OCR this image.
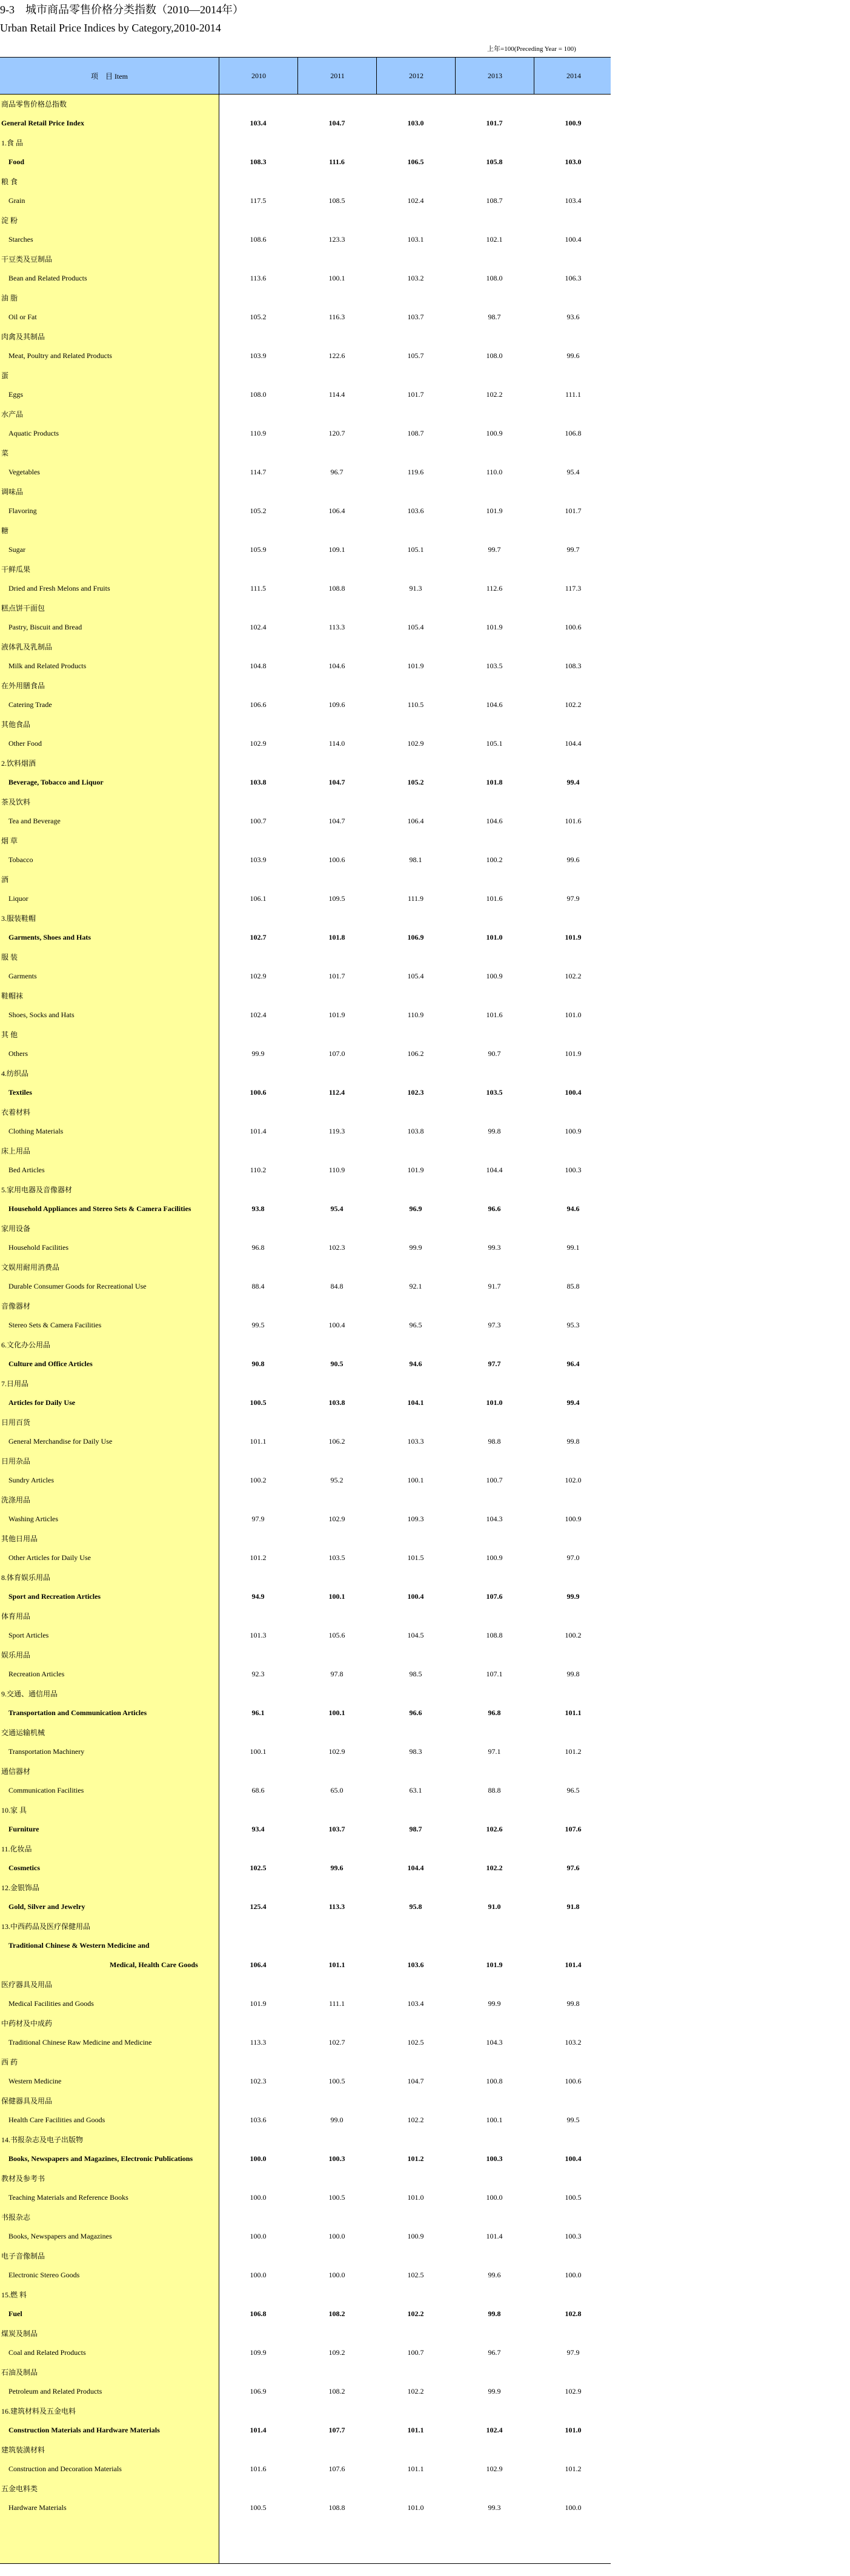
9-3　城市商品零售价格分类指数（2010—2014年）
Urban Retail Price Indices by Category,2010-2014
上年=100(Preceding Year = 100)
项　目 Item	2010	2011	2012	2013	2014
商品零售价格总指数
General Retail Price Index	103.4	104.7	103.0	101.7	100.9
1.食 品
Food	108.3	111.6	106.5	105.8	103.0
粮 食
Grain	117.5	108.5	102.4	108.7	103.4
淀 粉
Starches	108.6	123.3	103.1	102.1	100.4
干豆类及豆制品
Bean and Related Products	113.6	100.1	103.2	108.0	106.3
油 脂
Oil or Fat	105.2	116.3	103.7	98.7	93.6
肉禽及其制品
Meat, Poultry and Related Products	103.9	122.6	105.7	108.0	99.6
蛋
Eggs	108.0	114.4	101.7	102.2	111.1
水产品
Aquatic Products	110.9	120.7	108.7	100.9	106.8
菜
Vegetables	114.7	96.7	119.6	110.0	95.4
调味品
Flavoring	105.2	106.4	103.6	101.9	101.7
糖
Sugar	105.9	109.1	105.1	99.7	99.7
干鲜瓜果
Dried and Fresh Melons and Fruits	111.5	108.8	91.3	112.6	117.3
糕点饼干面包
Pastry, Biscuit and Bread	102.4	113.3	105.4	101.9	100.6
液体乳及乳制品
Milk and Related Products	104.8	104.6	101.9	103.5	108.3
在外用膳食品
Catering Trade	106.6	109.6	110.5	104.6	102.2
其他食品
Other Food	102.9	114.0	102.9	105.1	104.4
2.饮料烟酒
Beverage, Tobacco and Liquor	103.8	104.7	105.2	101.8	99.4
茶及饮料
Tea and Beverage	100.7	104.7	106.4	104.6	101.6
烟 草
Tobacco	103.9	100.6	98.1	100.2	99.6
酒
Liquor	106.1	109.5	111.9	101.6	97.9
3.服装鞋帽
Garments, Shoes and Hats	102.7	101.8	106.9	101.0	101.9
服 装
Garments	102.9	101.7	105.4	100.9	102.2
鞋帽袜
Shoes, Socks and Hats	102.4	101.9	110.9	101.6	101.0
其 他
Others	99.9	107.0	106.2	90.7	101.9
4.纺织品
Textiles	100.6	112.4	102.3	103.5	100.4
衣着材料
Clothing Materials	101.4	119.3	103.8	99.8	100.9
床上用品
Bed Articles	110.2	110.9	101.9	104.4	100.3
5.家用电器及音像器材
Household Appliances and Stereo Sets & Camera Facilities	93.8	95.4	96.9	96.6	94.6
家用设备
Household Facilities	96.8	102.3	99.9	99.3	99.1
文娱用耐用消费品
Durable Consumer Goods for Recreational Use	88.4	84.8	92.1	91.7	85.8
音像器材
Stereo Sets & Camera Facilities	99.5	100.4	96.5	97.3	95.3
6.文化办公用品
Culture and Office Articles	90.8	90.5	94.6	97.7	96.4
7.日用品
Articles for Daily Use	100.5	103.8	104.1	101.0	99.4
日用百货
General Merchandise for Daily Use	101.1	106.2	103.3	98.8	99.8
日用杂品
Sundry Articles	100.2	95.2	100.1	100.7	102.0
洗涤用品
Washing Articles	97.9	102.9	109.3	104.3	100.9
其他日用品
Other Articles for Daily Use	101.2	103.5	101.5	100.9	97.0
8.体育娱乐用品
Sport and Recreation Articles	94.9	100.1	100.4	107.6	99.9
体育用品
Sport Articles	101.3	105.6	104.5	108.8	100.2
娱乐用品
Recreation Articles	92.3	97.8	98.5	107.1	99.8
9.交通、通信用品
Transportation and Communication Articles	96.1	100.1	96.6	96.8	101.1
交通运输机械
Transportation Machinery	100.1	102.9	98.3	97.1	101.2
通信器材
Communication Facilities	68.6	65.0	63.1	88.8	96.5
10.家 具
Furniture	93.4	103.7	98.7	102.6	107.6
11.化妆品
Cosmetics	102.5	99.6	104.4	102.2	97.6
12.金银饰品
Gold, Silver and Jewelry	125.4	113.3	95.8	91.0	91.8
13.中西药品及医疗保健用品
Traditional Chinese & Western Medicine and
Medical, Health Care Goods	106.4	101.1	103.6	101.9	101.4
医疗器具及用品
Medical Facilities and Goods	101.9	111.1	103.4	99.9	99.8
中药材及中成药
Traditional Chinese Raw Medicine and Medicine	113.3	102.7	102.5	104.3	103.2
西 药
Western Medicine	102.3	100.5	104.7	100.8	100.6
保健器具及用品
Health Care Facilities and Goods	103.6	99.0	102.2	100.1	99.5
14.书报杂志及电子出版物
Books, Newspapers and Magazines, Electronic Publications	100.0	100.3	101.2	100.3	100.4
教材及参考书
Teaching Materials and Reference Books	100.0	100.5	101.0	100.0	100.5
书报杂志
Books, Newspapers and Magazines	100.0	100.0	100.9	101.4	100.3
电子音像制品
Electronic Stereo Goods	100.0	100.0	102.5	99.6	100.0
15.燃 料
Fuel	106.8	108.2	102.2	99.8	102.8
煤炭及制品
Coal and Related Products	109.9	109.2	100.7	96.7	97.9
石油及制品
Petroleum and Related Products	106.9	108.2	102.2	99.9	102.9
16.建筑材料及五金电料
Construction Materials and Hardware Materials	101.4	107.7	101.1	102.4	101.0
建筑装潢材料
Construction and Decoration Materials	101.6	107.6	101.1	102.9	101.2
五金电料类
Hardware Materials	100.5	108.8	101.0	99.3	100.0
